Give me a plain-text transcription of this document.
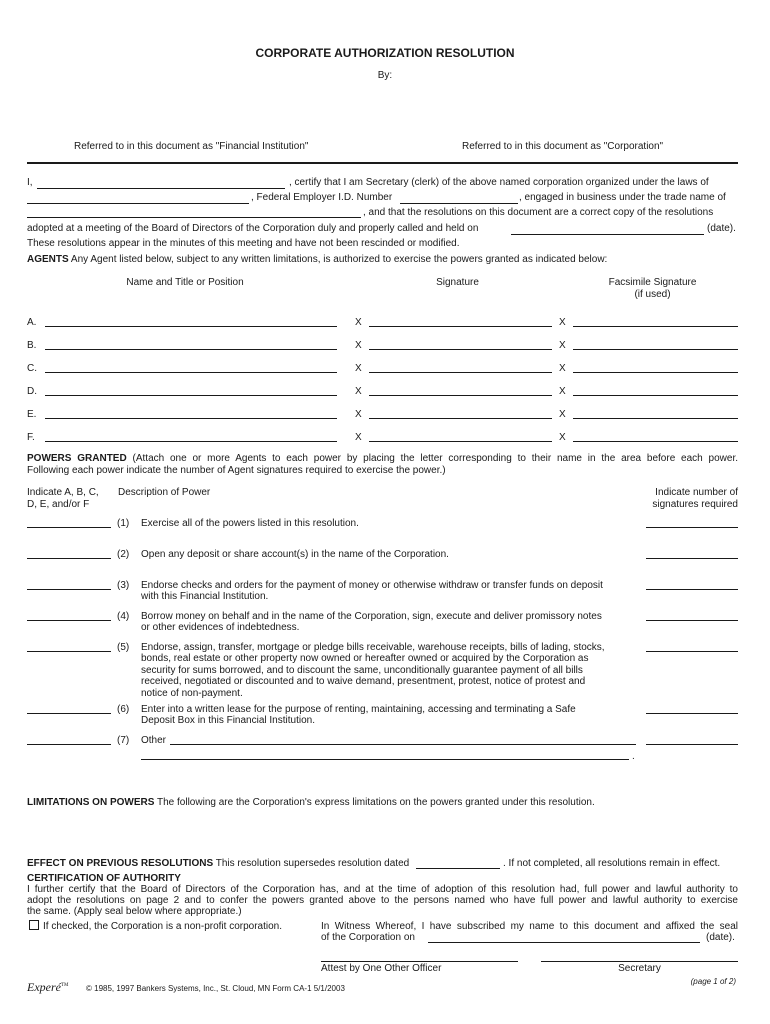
CORPORATE AUTHORIZATION RESOLUTION
By:
Referred to in this document as "Financial Institution"	Referred to in this document as "Corporation"
I,	, certify that I am Secretary (clerk) of the above named corporation organized under the laws of
, Federal Employer I.D. Number	, engaged in business under the trade name of
, and that the resolutions on this document are a correct copy of the resolutions
adopted at a meeting of the Board of Directors of the Corporation duly and properly called and held on	(date).
These resolutions appear in the minutes of this meeting and have not been rescinded or modified.
AGENTS Any Agent listed below, subject to any written limitations, is authorized to exercise the powers granted as indicated below:
Name and Title or Position	Signature	Facsimile Signature
(if used)
A.	X	X
B.	X	X
C.	X	X
D.	X	X
E.	X	X
F.	X	X
POWERS GRANTED (Attach one or more Agents to each power by placing the letter corresponding to their name in the area before each power.
Following each power indicate the number of Agent signatures required to exercise the power.)
Indicate A, B, C,
D, E, and/or F
Description of Power	Indicate number of
signatures required
(1) Exercise all of the powers listed in this resolution.
(2) Open any deposit or share account(s) in the name of the Corporation.
(3) Endorse checks and orders for the payment of money or otherwise withdraw or transfer funds on deposit
with this Financial Institution.
(4) Borrow money on behalf and in the name of the Corporation, sign, execute and deliver promissory notes
or other evidences of indebtedness.
(5) Endorse, assign, transfer, mortgage or pledge bills receivable, warehouse receipts, bills of lading, stocks,
bonds, real estate or other property now owned or hereafter owned or acquired by the Corporation as
security for sums borrowed, and to discount the same, unconditionally guarantee payment of all bills
received, negotiated or discounted and to waive demand, presentment, protest, notice of protest and
notice of non-payment.
(6) Enter into a written lease for the purpose of renting, maintaining, accessing and terminating a Safe
Deposit Box in this Financial Institution.
(7) Other
.
LIMITATIONS ON POWERS The following are the Corporation's express limitations on the powers granted under this resolution.
EFFECT ON PREVIOUS RESOLUTIONS This resolution supersedes resolution dated	. If not completed, all resolutions remain in effect.
CERTIFICATION OF AUTHORITY
I further certify that the Board of Directors of the Corporation has, and at the time of adoption of this resolution had, full power and lawful authority to
adopt the resolutions on page 2 and to confer the powers granted above to the persons named who have full power and lawful authority to exercise
the same. (Apply seal below where appropriate.)
If checked, the Corporation is a non-profit corporation.	In Witness Whereof, I have subscribed my name to this document and affixed the seal
of the Corporation on	(date).
Attest by One Other Officer	Secretary
Experé™ © 1985, 1997 Bankers Systems, Inc., St. Cloud, MN Form CA-1 5/1/2003
(page 1 of 2)
